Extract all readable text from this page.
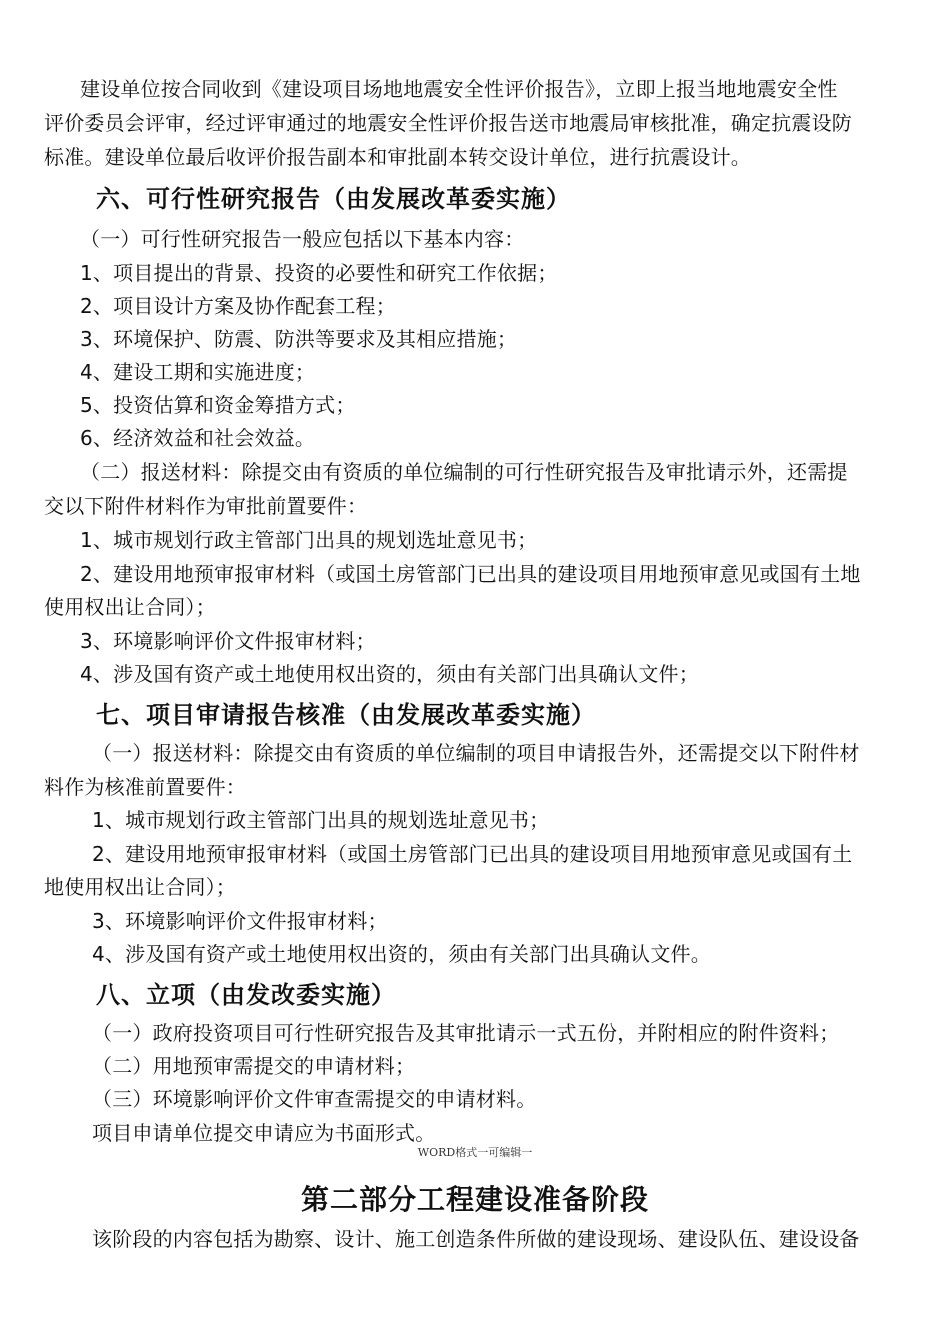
建设单位按合同收到《建设项目场地地震安全性评价报告》，立即上报当地地震安全性

评价委员会评审，经过评审通过的地震安全性评价报告送市地震局审核批准，确定抗震设防

标准。建设单位最后收评价报告副本和审批副本转交设计单位，进行抗震设计。

六、可行性研究报告（由发展改革委实施）

（一）可行性研究报告一般应包括以下基本内容：

1、项目提出的背景、投资的必要性和研究工作依据；

2、项目设计方案及协作配套工程；

3、环境保护、防震、防洪等要求及其相应措施；

4、建设工期和实施进度；

5、投资估算和资金筹措方式；

6、经济效益和社会效益。

（二）报送材料：除提交由有资质的单位编制的可行性研究报告及审批请示外，还需提

交以下附件材料作为审批前置要件：

1、城市规划行政主管部门出具的规划选址意见书；

2、建设用地预审报审材料（或国土房管部门已出具的建设项目用地预审意见或国有土地

使用权出让合同）；

3、环境影响评价文件报审材料；

4、涉及国有资产或土地使用权出资的，须由有关部门出具确认文件；

七、项目审请报告核准（由发展改革委实施）

（一）报送材料：除提交由有资质的单位编制的项目申请报告外，还需提交以下附件材

料作为核准前置要件：

1、城市规划行政主管部门出具的规划选址意见书；

2、建设用地预审报审材料（或国土房管部门已出具的建设项目用地预审意见或国有土

地使用权出让合同）；

3、环境影响评价文件报审材料；

4、涉及国有资产或土地使用权出资的，须由有关部门出具确认文件。

八、立项（由发改委实施）

（一）政府投资项目可行性研究报告及其审批请示一式五份，并附相应的附件资料；

（二）用地预审需提交的申请材料；

（三）环境影响评价文件审查需提交的申请材料。

项目申请单位提交申请应为书面形式。

WORD格式一可编辑一
第二部分工程建设准备阶段

该阶段的内容包括为勘察、设计、施工创造条件所做的建设现场、建设队伍、建设设备
